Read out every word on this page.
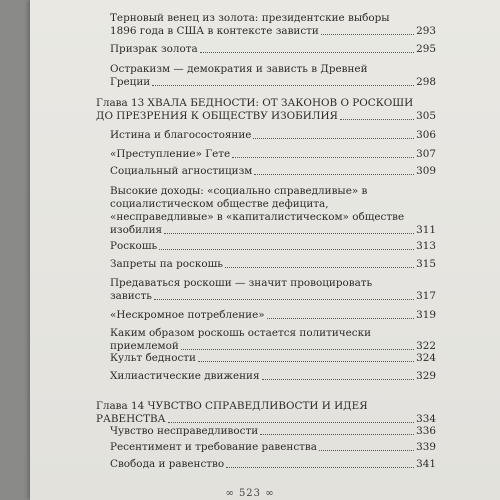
Терновый венец из золота: президентские выборы
1896 года в США в контексте зависти	293
Призрак золота	295
Остракизм — демократия и зависть в Древней
Греции	298
Глава 13 ХВАЛА БЕДНОСТИ: ОТ ЗАКОНОВ О РОСКОШИ
ДО ПРЕЗРЕНИЯ К ОБЩЕСТВУ ИЗОБИЛИЯ	305
Истина и благосостояние	306
«Преступление» Гете	307
Социальный агностицизм	309
Высокие доходы: «социально справедливые» в
социалистическом обществе дефицита,
«несправедливые» в «капиталистическом» обществе
изобилия	311
Роскошь	313
Запреты па роскошь	315
Предаваться роскоши — значит провоцировать
зависть	317
«Нескромное потребление»	319
Каким образом роскошь остается политически
приемлемой	322
Культ бедности	324
Хилиастические движения	329
Глава 14 ЧУВСТВО СПРАВЕДЛИВОСТИ И ИДЕЯ
РАВЕНСТВА	334
Чувство несправедливости	336
Ресентимент и требование равенства	339
Свобода и равенство	341
∞ 523 ∞
